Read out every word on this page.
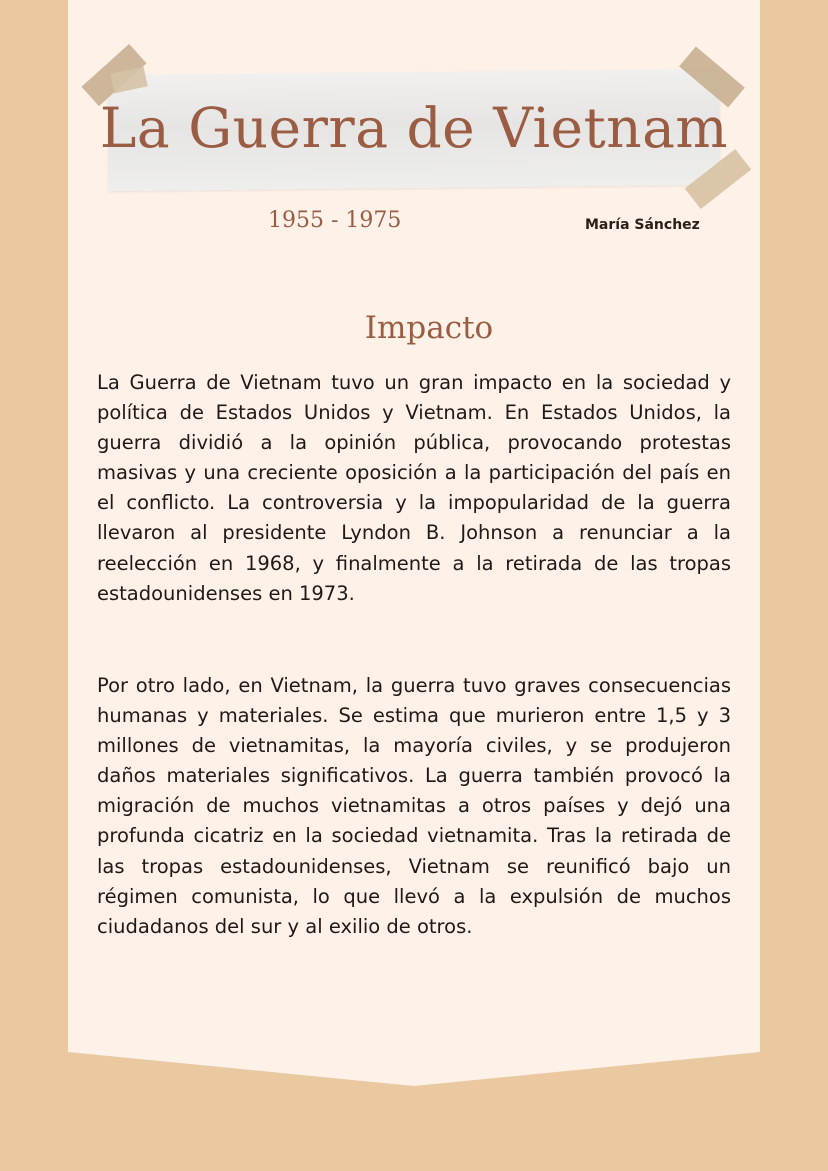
La Guerra de Vietnam
1955 - 1975	María Sánchez
Impacto

La Guerra de Vietnam tuvo un gran impacto en la sociedad y política de Estados Unidos y Vietnam. En Estados Unidos, la guerra dividió a la opinión pública, provocando protestas masivas y una creciente oposición a la participación del país en el conflicto. La controversia y la impopularidad de la guerra llevaron al presidente Lyndon B. Johnson a renunciar a la reelección en 1968, y finalmente a la retirada de las tropas estadounidenses en 1973.

Por otro lado, en Vietnam, la guerra tuvo graves consecuencias humanas y materiales. Se estima que murieron entre 1,5 y 3 millones de vietnamitas, la mayoría civiles, y se produjeron daños materiales significativos. La guerra también provocó la migración de muchos vietnamitas a otros países y dejó una profunda cicatriz en la sociedad vietnamita. Tras la retirada de las tropas estadounidenses, Vietnam se reunificó bajo un régimen comunista, lo que llevó a la expulsión de muchos ciudadanos del sur y al exilio de otros.
